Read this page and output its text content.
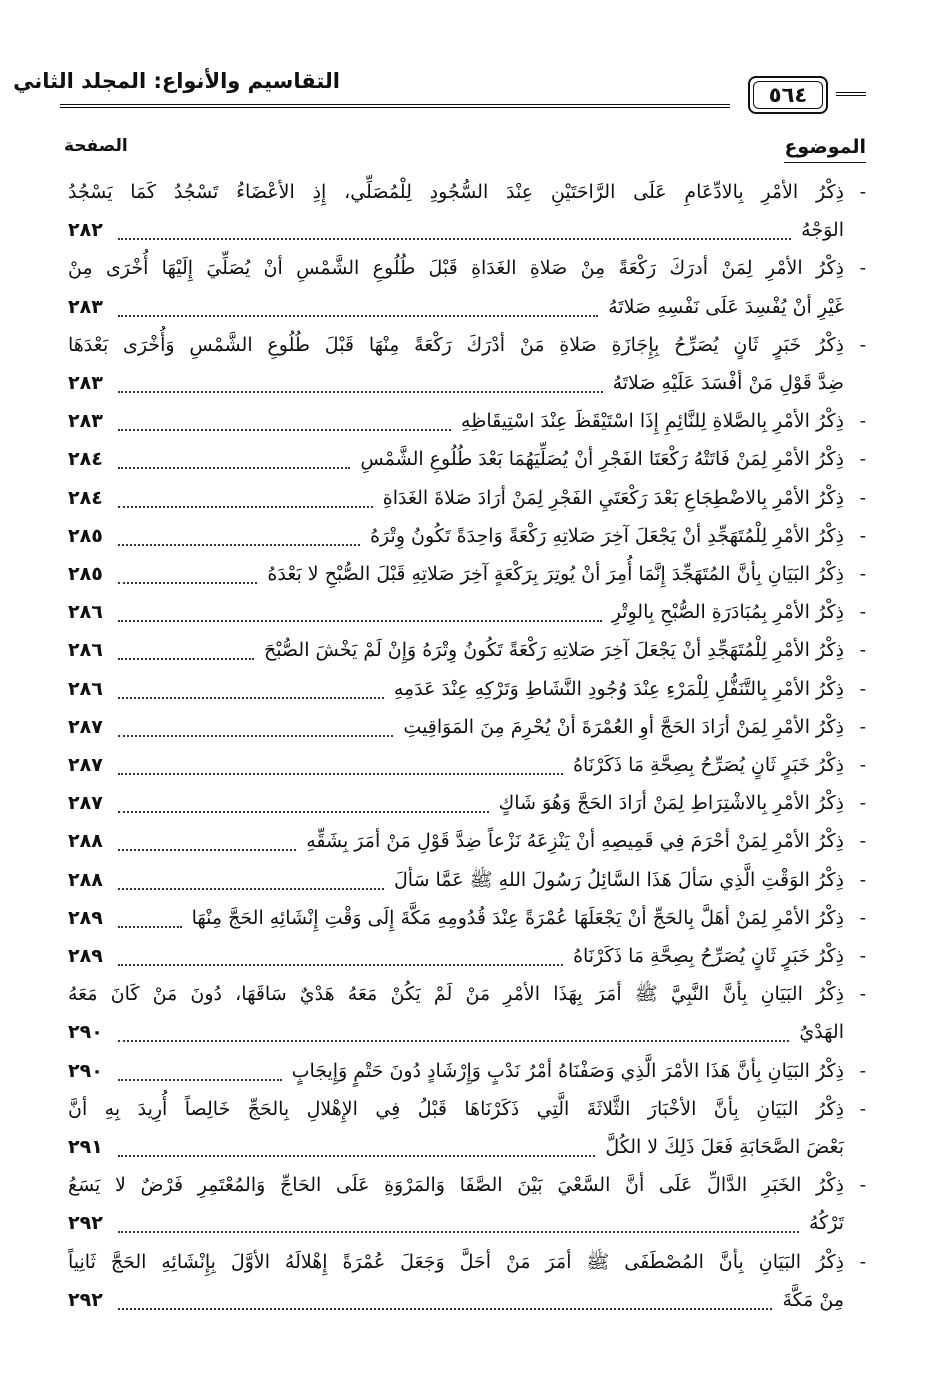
التقاسيم والأنواع: المجلد الثاني
٥٦٤
الموضوع
الصفحة
-
ذِكْرُ الأمْرِ بِالادِّعَامِ عَلَى الرَّاحَتَيْنِ عِنْدَ السُّجُودِ لِلْمُصَلِّي، إِذِ الأعْضَاءُ تَسْجُدُ كَمَا يَسْجُدُ
الوَجْهُ
٢٨٢
-
ذِكْرُ الأمْرِ لِمَنْ أدرَكَ رَكْعَةً مِنْ صَلاةِ الغَدَاةِ قَبْلَ طُلُوعِ الشَّمْسِ أنْ يُصَلِّيَ إِلَيْهَا أُخْرَى مِنْ
غَيْرِ أنْ يُفْسِدَ عَلَى نَفْسِهِ صَلاتَهُ
٢٨٣
-
ذِكْرُ خَبَرٍ ثَانٍ يُصَرِّحُ بِإِجَازَةِ صَلاةِ مَنْ أدْرَكَ رَكْعَةً مِنْهَا قَبْلَ طُلُوعِ الشَّمْسِ وَأُخْرَى بَعْدَهَا
ضِدَّ قَوْلِ مَنْ أفْسَدَ عَلَيْهِ صَلاتَهُ
٢٨٣
-
ذِكْرُ الأمْرِ بِالصَّلاةِ لِلنَّائِمِ إِذَا اسْتَيْقَظَ عِنْدَ اسْتِيقَاظِهِ
٢٨٣
-
ذِكْرُ الأمْرِ لِمَنْ فَاتَتْهُ رَكْعَتَا الفَجْرِ أنْ يُصَلِّيَهُمَا بَعْدَ طُلُوعِ الشَّمْسِ
٢٨٤
-
ذِكْرُ الأمْرِ بِالاضْطِجَاعِ بَعْدَ رَكْعَتَيِ الفَجْرِ لِمَنْ أرَادَ صَلاةَ الغَدَاةِ
٢٨٤
-
ذِكْرُ الأمْرِ لِلْمُتَهَجِّدِ أنْ يَجْعَلَ آخِرَ صَلاتِهِ رَكْعَةً وَاحِدَةً تَكُونُ وِتْرَهُ
٢٨٥
-
ذِكْرُ البَيَانِ بِأنَّ المُتَهَجِّدَ إِنَّمَا أُمِرَ أنْ يُوتِرَ بِرَكْعَةٍ آخِرَ صَلاتِهِ قَبْلَ الصُّبْحِ لا بَعْدَهُ
٢٨٥
-
ذِكْرُ الأمْرِ بِمُبَادَرَةِ الصُّبْحِ بِالوِتْرِ
٢٨٦
-
ذِكْرُ الأمْرِ لِلْمُتَهَجِّدِ أنْ يَجْعَلَ آخِرَ صَلاتِهِ رَكْعَةً تَكُونُ وِتْرَهُ وَإِنْ لَمْ يَخْشَ الصُّبْحَ
٢٨٦
-
ذِكْرُ الأمْرِ بِالتَّنَفُّلِ لِلْمَرْءِ عِنْدَ وُجُودِ النَّشَاطِ وَتَرْكِهِ عِنْدَ عَدَمِهِ
٢٨٦
-
ذِكْرُ الأمْرِ لِمَنْ أرَادَ الحَجَّ أوِ العُمْرَةَ أنْ يُحْرِمَ مِنَ المَوَاقِيتِ
٢٨٧
-
ذِكْرُ خَبَرٍ ثَانٍ يُصَرِّحُ بِصِحَّةِ مَا ذَكَرْنَاهُ
٢٨٧
-
ذِكْرُ الأمْرِ بِالاشْتِرَاطِ لِمَنْ أرَادَ الحَجَّ وَهُوَ شَاكٍ
٢٨٧
-
ذِكْرُ الأمْرِ لِمَنْ أحْرَمَ فِي قَمِيصِهِ أنْ يَنْزِعَهُ نَزْعاً ضِدَّ قَوْلِ مَنْ أمَرَ بِشَقِّهِ
٢٨٨
-
ذِكْرُ الوَقْتِ الَّذِي سَألَ هَذَا السَّائِلُ رَسُولَ اللهِ ﷺ عَمَّا سَألَ
٢٨٨
-
ذِكْرُ الأمْرِ لِمَنْ أهَلَّ بِالحَجِّ أنْ يَجْعَلَهَا عُمْرَةً عِنْدَ قُدُومِهِ مَكَّةَ إِلَى وَقْتِ إِنْشَائِهِ الحَجَّ مِنْهَا
٢٨٩
-
ذِكْرُ خَبَرٍ ثَانٍ يُصَرِّحُ بِصِحَّةِ مَا ذَكَرْنَاهُ
٢٨٩
-
ذِكْرُ البَيَانِ بِأنَّ النَّبِيَّ ﷺ أمَرَ بِهَذَا الأمْرِ مَنْ لَمْ يَكُنْ مَعَهُ هَدْيٌ سَاقَهَا، دُونَ مَنْ كَانَ مَعَهُ
الهَدْيُ
٢٩٠
-
ذِكْرُ البَيَانِ بِأنَّ هَذَا الأمْرَ الَّذِي وَصَفْنَاهُ أمْرُ نَدْبٍ وَإِرْشَادٍ دُونَ حَتْمٍ وَإِيجَابٍ
٢٩٠
-
ذِكْرُ البَيَانِ بِأنَّ الأخْبَارَ الثَّلاثَةَ الَّتِي ذَكَرْنَاهَا قَبْلُ فِي الإِهْلالِ بِالحَجِّ خَالِصاً أُرِيدَ بِهِ أنَّ
بَعْضَ الصَّحَابَةِ فَعَلَ ذَلِكَ لا الكُلَّ
٢٩١
-
ذِكْرُ الخَبَرِ الدَّالِّ عَلَى أنَّ السَّعْيَ بَيْنَ الصَّفَا وَالمَرْوَةِ عَلَى الحَاجِّ وَالمُعْتَمِرِ فَرْضٌ لا يَسَعُ
تَرْكُهُ
٢٩٢
-
ذِكْرُ البَيَانِ بِأنَّ المُصْطَفَى ﷺ أمَرَ مَنْ أحَلَّ وَجَعَلَ عُمْرَةً إِهْلالَهُ الأوَّلَ بِإِنْشَائِهِ الحَجَّ ثَانِياً
مِنْ مَكَّةَ
٢٩٢
